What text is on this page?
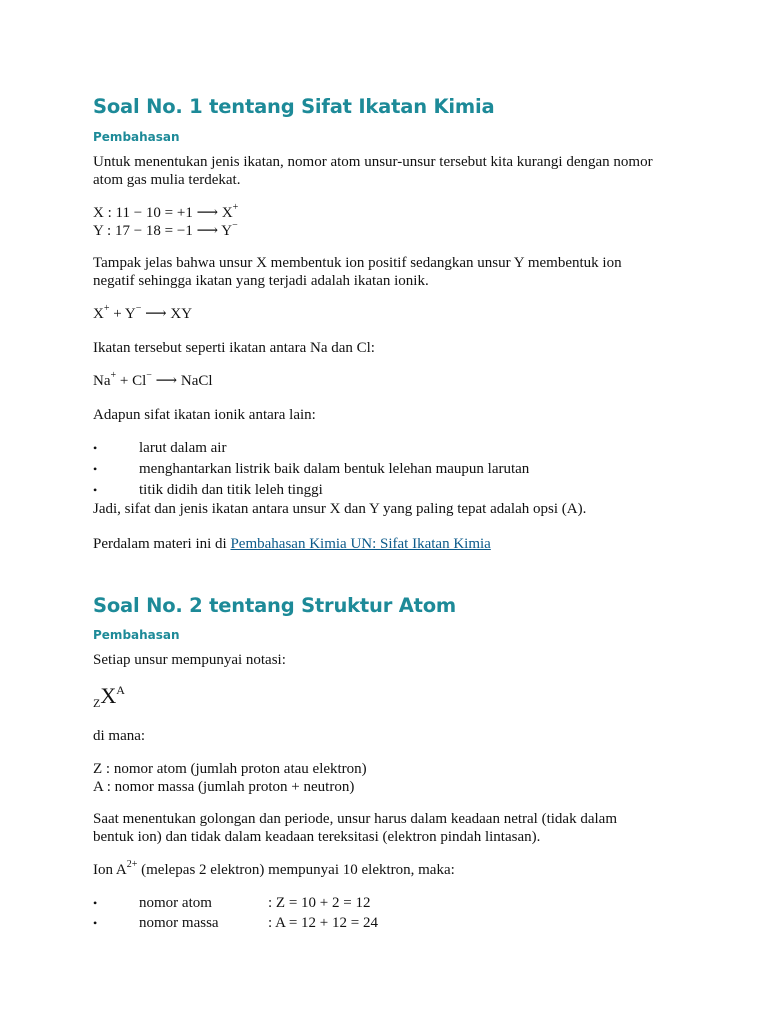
Soal No. 1 tentang Sifat Ikatan Kimia
Pembahasan
Untuk menentukan jenis ikatan, nomor atom unsur-unsur tersebut kita kurangi dengan nomor
atom gas mulia terdekat.
X : 11 − 10 = +1 ⟶ X+
Y : 17 − 18 = −1 ⟶ Y−
Tampak jelas bahwa unsur X membentuk ion positif sedangkan unsur Y membentuk ion
negatif sehingga ikatan yang terjadi adalah ikatan ionik.
X+ + Y− ⟶ XY
Ikatan tersebut seperti ikatan antara Na dan Cl:
Na+ + Cl− ⟶ NaCl
Adapun sifat ikatan ionik antara lain:
•	larut dalam air
•	menghantarkan listrik baik dalam bentuk lelehan maupun larutan
•	titik didih dan titik leleh tinggi
Jadi, sifat dan jenis ikatan antara unsur X dan Y yang paling tepat adalah opsi (A).
Perdalam materi ini di Pembahasan Kimia UN: Sifat Ikatan Kimia
Soal No. 2 tentang Struktur Atom
Pembahasan
Setiap unsur mempunyai notasi:
$_ZX^A$
di mana:
Z : nomor atom (jumlah proton atau elektron)
A : nomor massa (jumlah proton + neutron)
Saat menentukan golongan dan periode, unsur harus dalam keadaan netral (tidak dalam
bentuk ion) dan tidak dalam keadaan tereksitasi (elektron pindah lintasan).
Ion $A^{2+}$ (melepas 2 elektron) mempunyai 10 elektron, maka:
•	nomor atom	: Z = 10 + 2 = 12
•	nomor massa	: A = 12 + 12 = 24
